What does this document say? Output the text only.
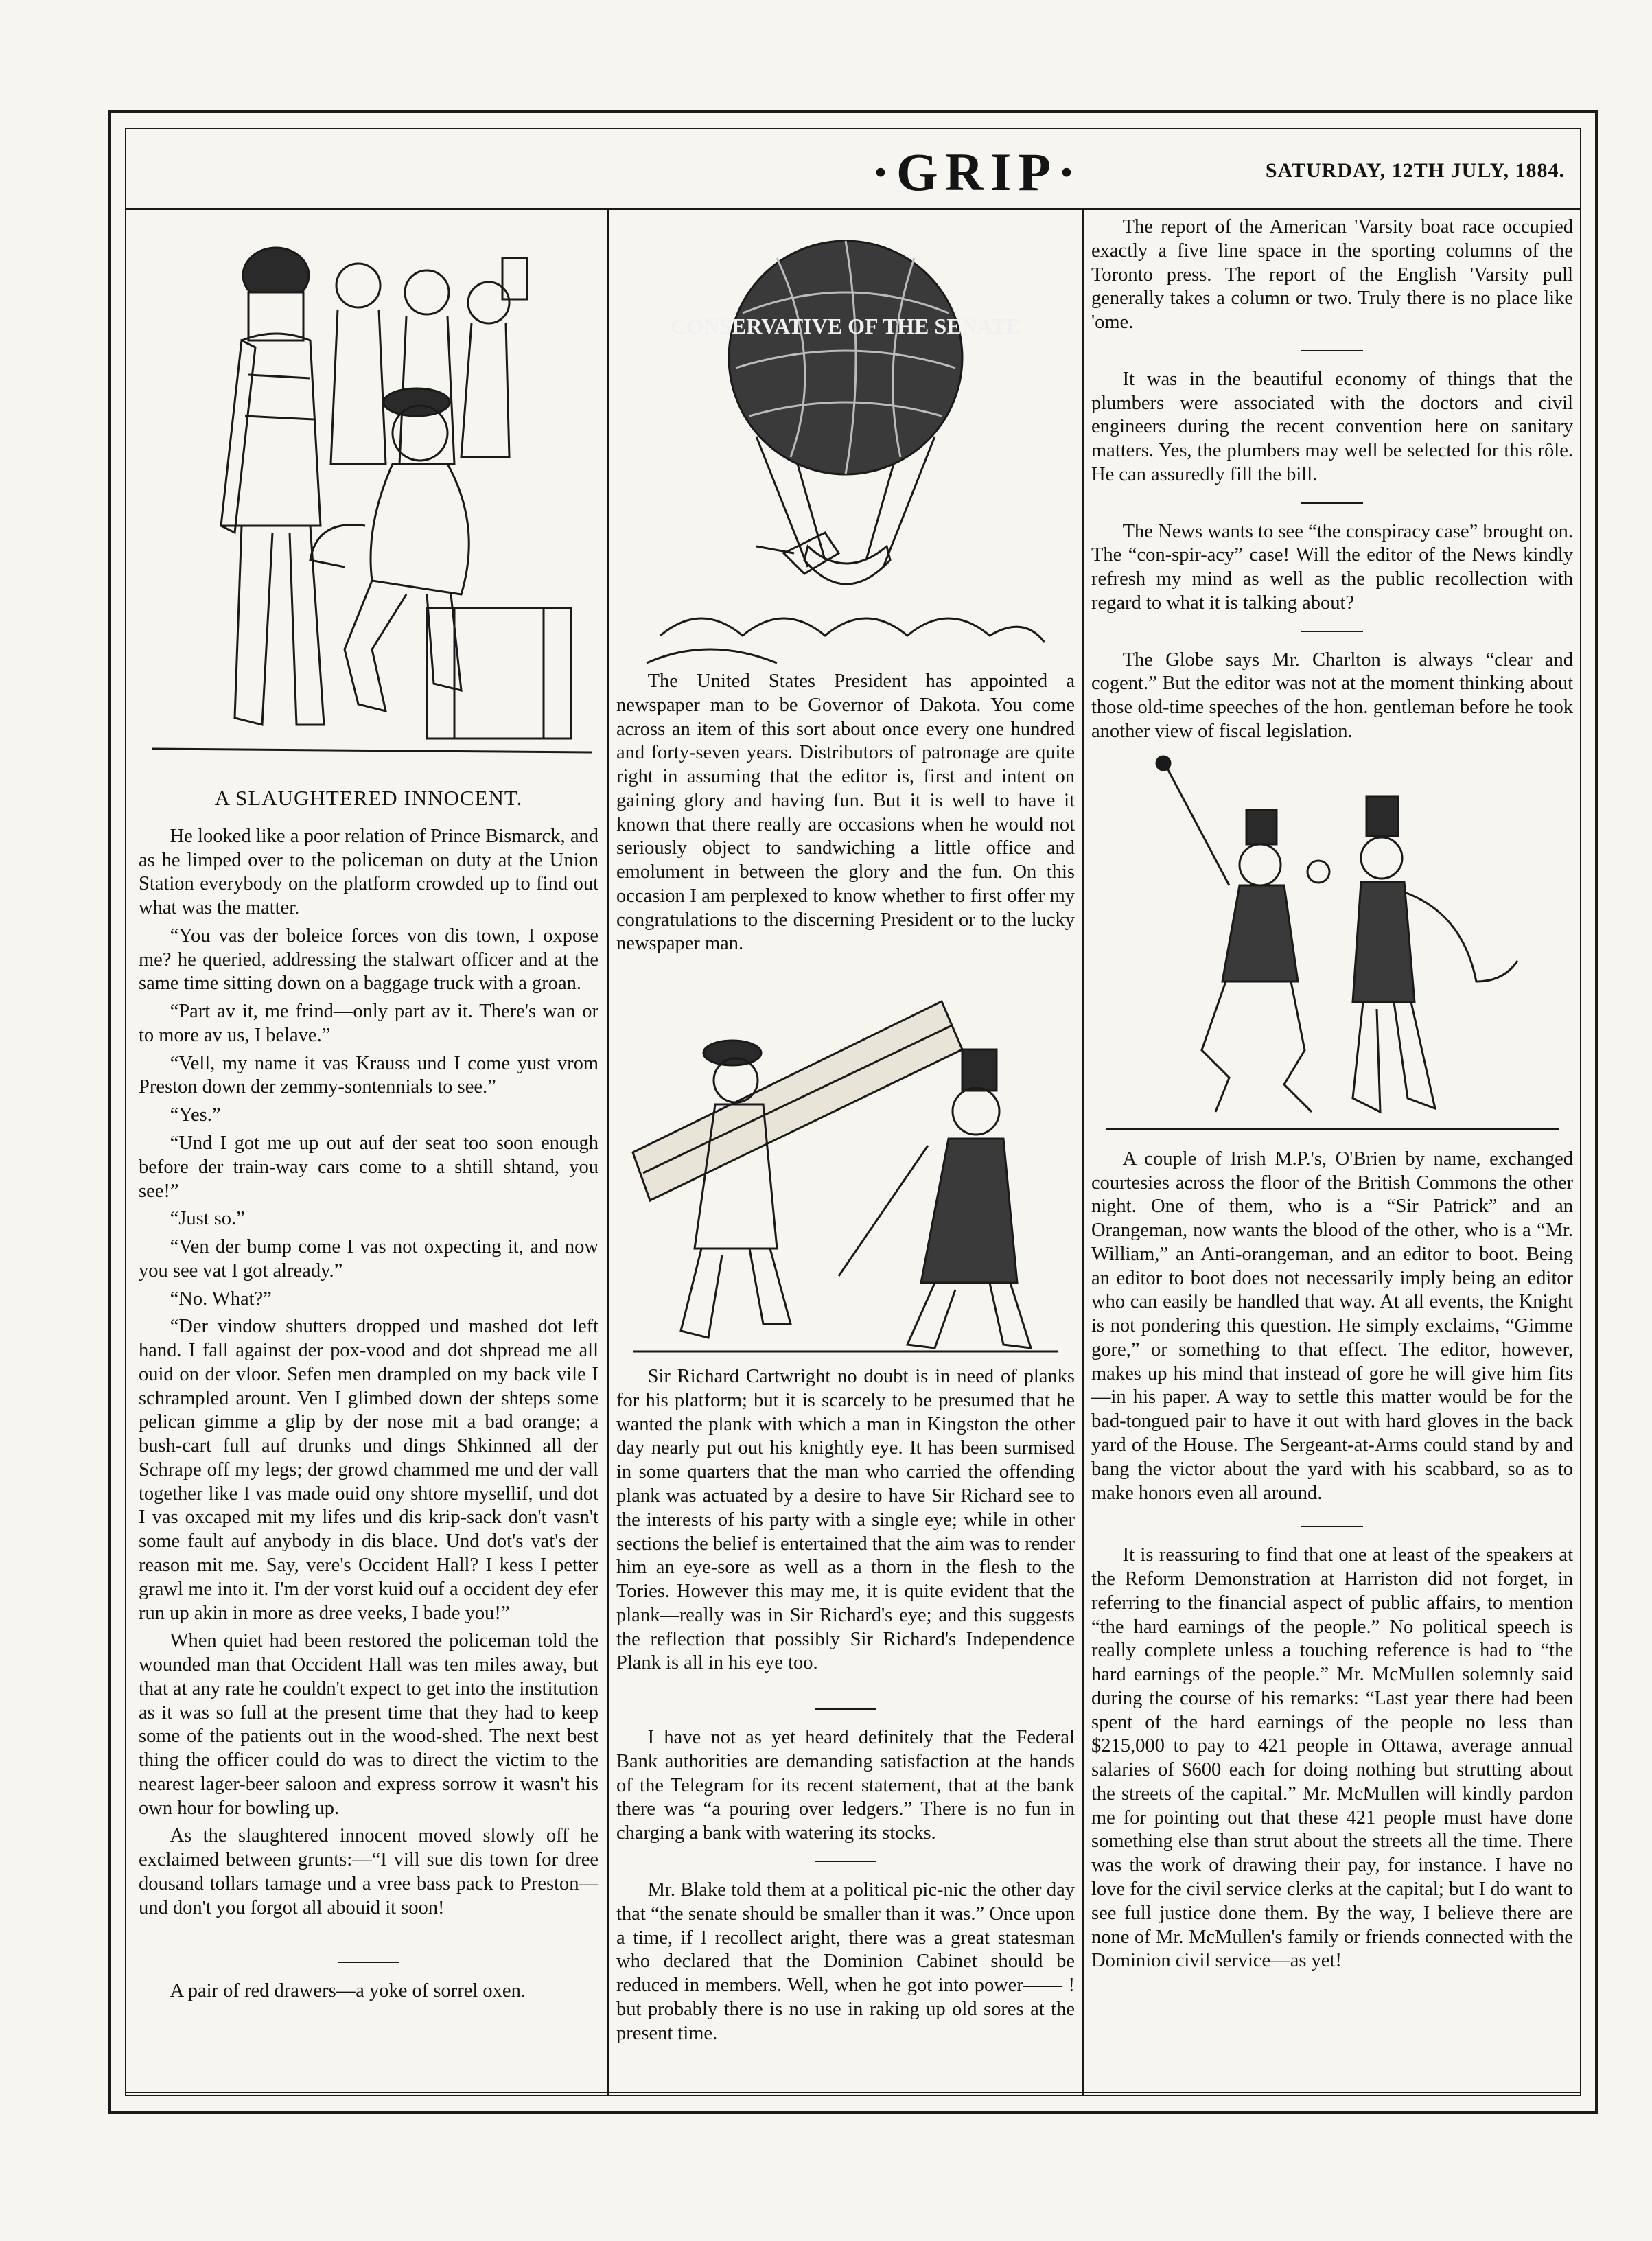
·GRIP·	SATURDAY, 12TH JULY, 1884.
A SLAUGHTERED INNOCENT.

He looked like a poor relation of Prince Bismarck, and as he limped over to the policeman on duty at the Union Station everybody on the platform crowded up to find out what was the matter.

“You vas der boleice forces von dis town, I oxpose me? he queried, addressing the stalwart officer and at the same time sitting down on a baggage truck with a groan.

“Part av it, me frind—only part av it. There's wan or to more av us, I belave.”

“Vell, my name it vas Krauss und I come yust vrom Preston down der zemmy-sontennials to see.”

“Yes.”

“Und I got me up out auf der seat too soon enough before der train-way cars come to a shtill shtand, you see!”

“Just so.”

“Ven der bump come I vas not oxpecting it, and now you see vat I got already.”

“No. What?”

“Der vindow shutters dropped und mashed dot left hand. I fall against der pox-vood and dot shpread me all ouid on der vloor. Sefen men drampled on my back vile I schrampled arount. Ven I glimbed down der shteps some pelican gimme a glip by der nose mit a bad orange; a bush-cart full auf drunks und dings Shkinned all der Schrape off my legs; der growd chammed me und der vall together like I vas made ouid ony shtore mysellif, und dot I vas oxcaped mit my lifes und dis krip-sack don't vasn't some fault auf anybody in dis blace. Und dot's vat's der reason mit me. Say, vere's Occident Hall? I kess I petter grawl me into it. I'm der vorst kuid ouf a occident dey efer run up akin in more as dree veeks, I bade you!”

When quiet had been restored the policeman told the wounded man that Occident Hall was ten miles away, but that at any rate he couldn't expect to get into the institution as it was so full at the present time that they had to keep some of the patients out in the wood-shed. The next best thing the officer could do was to direct the victim to the nearest lager-beer saloon and express sorrow it wasn't his own hour for bowling up.

As the slaughtered innocent moved slowly off he exclaimed between grunts:—“I vill sue dis town for dree dousand tollars tamage und a vree bass pack to Preston—und don't you forgot all abouid it soon!

A pair of red drawers—a yoke of sorrel oxen.

CONSERVATIVE OF THE SENATE

The United States President has appointed a newspaper man to be Governor of Dakota. You come across an item of this sort about once every one hundred and forty-seven years. Distributors of patronage are quite right in assuming that the editor is, first and intent on gaining glory and having fun. But it is well to have it known that there really are occasions when he would not seriously object to sandwiching a little office and emolument in between the glory and the fun. On this occasion I am perplexed to know whether to first offer my congratulations to the discerning President or to the lucky newspaper man.

Sir Richard Cartwright no doubt is in need of planks for his platform; but it is scarcely to be presumed that he wanted the plank with which a man in Kingston the other day nearly put out his knightly eye. It has been surmised in some quarters that the man who carried the offending plank was actuated by a desire to have Sir Richard see to the interests of his party with a single eye; while in other sections the belief is entertained that the aim was to render him an eye-sore as well as a thorn in the flesh to the Tories. However this may me, it is quite evident that the plank—really was in Sir Richard's eye; and this suggests the reflection that possibly Sir Richard's Independence Plank is all in his eye too.

I have not as yet heard definitely that the Federal Bank authorities are demanding satisfaction at the hands of the Telegram for its recent statement, that at the bank there was “a pouring over ledgers.” There is no fun in charging a bank with watering its stocks.

Mr. Blake told them at a political pic-nic the other day that “the senate should be smaller than it was.” Once upon a time, if I recollect aright, there was a great statesman who declared that the Dominion Cabinet should be reduced in members. Well, when he got into power—— ! but probably there is no use in raking up old sores at the present time.

The report of the American 'Varsity boat race occupied exactly a five line space in the sporting columns of the Toronto press. The report of the English 'Varsity pull generally takes a column or two. Truly there is no place like 'ome.

It was in the beautiful economy of things that the plumbers were associated with the doctors and civil engineers during the recent convention here on sanitary matters. Yes, the plumbers may well be selected for this rôle. He can assuredly fill the bill.

The News wants to see “the conspiracy case” brought on. The “con-spir-acy” case! Will the editor of the News kindly refresh my mind as well as the public recollection with regard to what it is talking about?

The Globe says Mr. Charlton is always “clear and cogent.” But the editor was not at the moment thinking about those old-time speeches of the hon. gentleman before he took another view of fiscal legislation.

A couple of Irish M.P.'s, O'Brien by name, exchanged courtesies across the floor of the British Commons the other night. One of them, who is a “Sir Patrick” and an Orangeman, now wants the blood of the other, who is a “Mr. William,” an Anti-orangeman, and an editor to boot. Being an editor to boot does not necessarily imply being an editor who can easily be handled that way. At all events, the Knight is not pondering this question. He simply exclaims, “Gimme gore,” or something to that effect. The editor, however, makes up his mind that instead of gore he will give him fits—in his paper. A way to settle this matter would be for the bad-tongued pair to have it out with hard gloves in the back yard of the House. The Sergeant-at-Arms could stand by and bang the victor about the yard with his scabbard, so as to make honors even all around.

It is reassuring to find that one at least of the speakers at the Reform Demonstration at Harriston did not forget, in referring to the financial aspect of public affairs, to mention “the hard earnings of the people.” No political speech is really complete unless a touching reference is had to “the hard earnings of the people.” Mr. McMullen solemnly said during the course of his remarks: “Last year there had been spent of the hard earnings of the people no less than $215,000 to pay to 421 people in Ottawa, average annual salaries of $600 each for doing nothing but strutting about the streets of the capital.” Mr. McMullen will kindly pardon me for pointing out that these 421 people must have done something else than strut about the streets all the time. There was the work of drawing their pay, for instance. I have no love for the civil service clerks at the capital; but I do want to see full justice done them. By the way, I believe there are none of Mr. McMullen's family or friends connected with the Dominion civil service—as yet!
